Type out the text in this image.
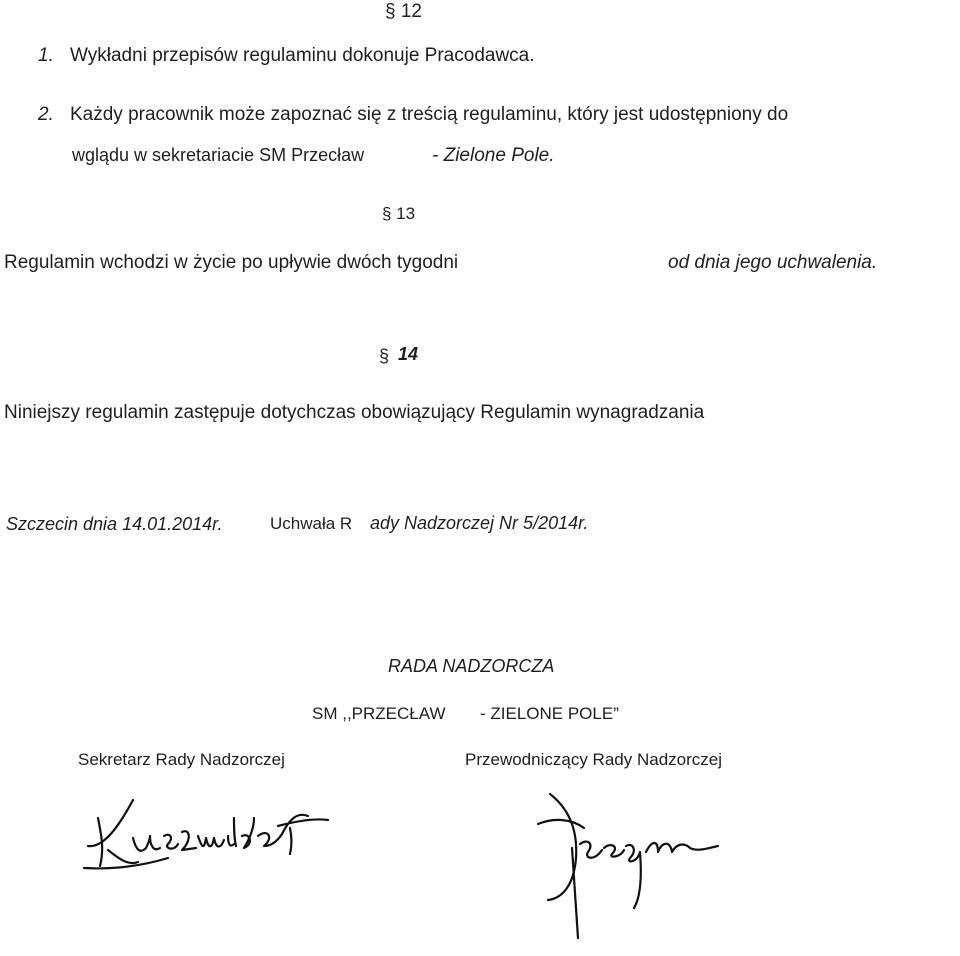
§ 12
1. Wykładni przepisów regulaminu dokonuje Pracodawca.
2. Każdy pracownik może zapoznać się z treścią regulaminu, który jest udostępniony do
wglądu w sekretariacie SM Przecław	- Zielone Pole.
§ 13
Regulamin wchodzi w życie po upływie dwóch tygodni	od dnia jego uchwalenia.
§ 14
Niniejszy regulamin zastępuje dotychczas obowiązujący Regulamin wynagradzania
Szczecin dnia 14.01.2014r.	Uchwała R ady Nadzorczej Nr 5/2014r.
RADA NADZORCZA
SM ,,PRZECŁAW - ZIELONE POLE”
Sekretarz Rady Nadzorczej	Przewodniczący Rady Nadzorczej
